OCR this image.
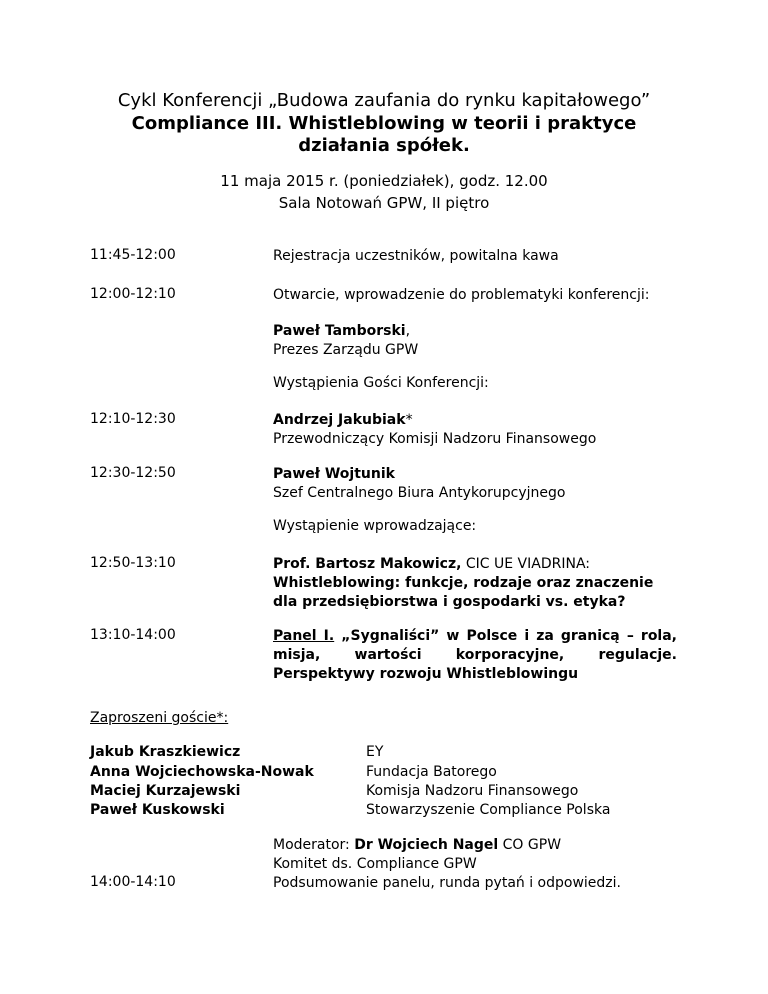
Cykl Konferencji „Budowa zaufania do rynku kapitałowego”
Compliance III. Whistleblowing w teorii i praktyce
działania spółek.
11 maja 2015 r. (poniedziałek), godz. 12.00
Sala Notowań GPW, II piętro
11:45-12:00	Rejestracja uczestników, powitalna kawa
12:00-12:10	Otwarcie, wprowadzenie do problematyki konferencji:
Paweł Tamborski,
Prezes Zarządu GPW
Wystąpienia Gości Konferencji:
12:10-12:30	Andrzej Jakubiak*
Przewodniczący Komisji Nadzoru Finansowego
12:30-12:50	Paweł Wojtunik
Szef Centralnego Biura Antykorupcyjnego
Wystąpienie wprowadzające:
12:50-13:10	Prof. Bartosz Makowicz, CIC UE VIADRINA:
Whistleblowing: funkcje, rodzaje oraz znaczenie
dla przedsiębiorstwa i gospodarki vs. etyka?
13:10-14:00	Panel I. „Sygnaliści” w Polsce i za granicą – rola,
misja, wartości korporacyjne, regulacje.
Perspektywy rozwoju Whistleblowingu
Zaproszeni goście*:
Jakub Kraszkiewicz	EY
Anna Wojciechowska-Nowak	Fundacja Batorego
Maciej Kurzajewski	Komisja Nadzoru Finansowego
Paweł Kuskowski	Stowarzyszenie Compliance Polska
Moderator: Dr Wojciech Nagel CO GPW
Komitet ds. Compliance GPW
14:00-14:10	Podsumowanie panelu, runda pytań i odpowiedzi.
